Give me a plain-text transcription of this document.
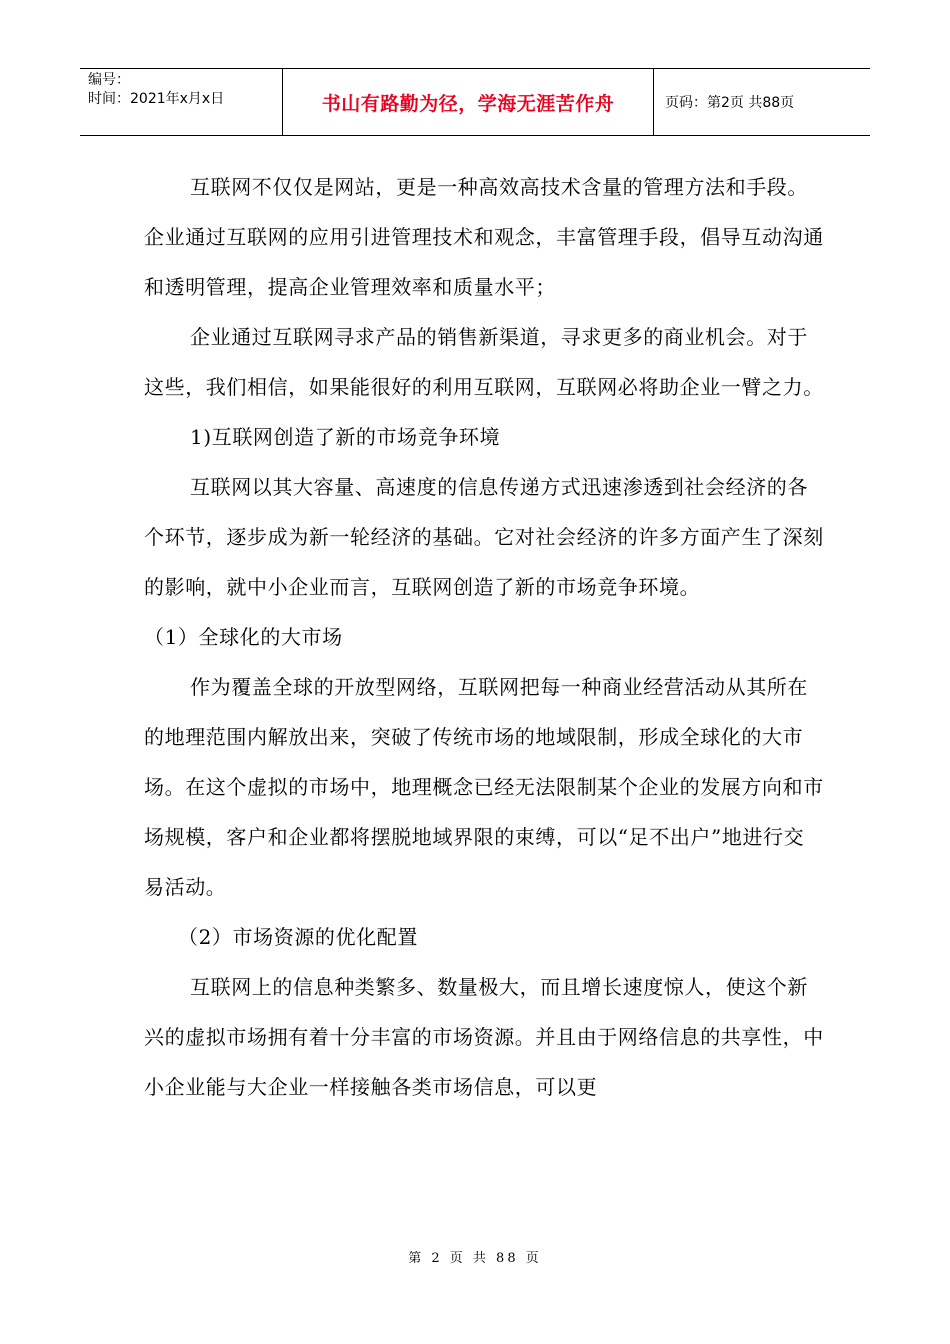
编号：
时间：2021年x月x日	书山有路勤为径，学海无涯苦作舟	页码：第2页 共88页

互联网不仅仅是网站，更是一种高效高技术含量的管理方法和手段。企业通过互联网的应用引进管理技术和观念，丰富管理手段，倡导互动沟通和透明管理，提高企业管理效率和质量水平；

企业通过互联网寻求产品的销售新渠道，寻求更多的商业机会。对于这些，我们相信，如果能很好的利用互联网，互联网必将助企业一臂之力。

1)互联网创造了新的市场竞争环境

互联网以其大容量、高速度的信息传递方式迅速渗透到社会经济的各个环节，逐步成为新一轮经济的基础。它对社会经济的许多方面产生了深刻的影响，就中小企业而言，互联网创造了新的市场竞争环境。

（1）全球化的大市场

作为覆盖全球的开放型网络，互联网把每一种商业经营活动从其所在的地理范围内解放出来，突破了传统市场的地域限制，形成全球化的大市场。在这个虚拟的市场中，地理概念已经无法限制某个企业的发展方向和市场规模，客户和企业都将摆脱地域界限的束缚，可以“足不出户”地进行交易活动。

（2）市场资源的优化配置

互联网上的信息种类繁多、数量极大，而且增长速度惊人，使这个新兴的虚拟市场拥有着十分丰富的市场资源。并且由于网络信息的共享性，中小企业能与大企业一样接触各类市场信息，可以更

第 2 页 共 88 页
